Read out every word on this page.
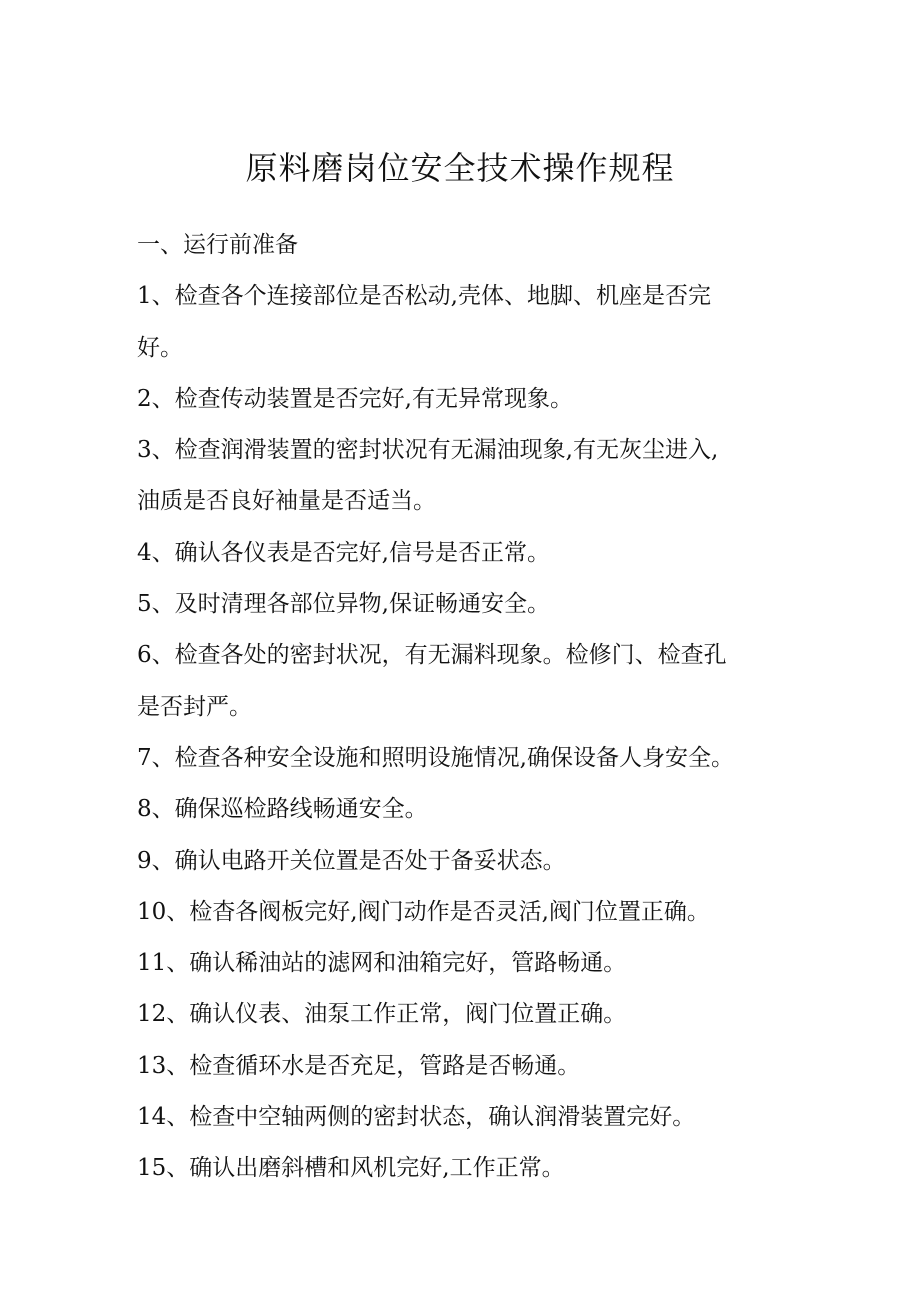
原料磨岗位安全技术操作规程
一、运行前准备
1、检查各个连接部位是否松动,壳体、地脚、机座是否完
好。
2、检查传动装置是否完好,有无异常现象。
3、检查润滑装置的密封状况有无漏油现象,有无灰尘进入,
油质是否良好袖量是否适当。
4、确认各仪表是否完好,信号是否正常。
5、及时清理各部位异物,保证畅通安全。
6、检查各处的密封状况，有无漏料现象。检修门、检查孔
是否封严。
7、检查各种安全设施和照明设施情况,确保设备人身安全。
8、确保巡检路线畅通安全。
9、确认电路开关位置是否处于备妥状态。
10、检杳各阀板完好,阀门动作是否灵活,阀门位置正确。
11、确认稀油站的滤网和油箱完好，管路畅通。
12、确认仪表、油泵工作正常，阀门位置正确。
13、检查循环水是否充足，管路是否畅通。
14、检查中空轴两侧的密封状态，确认润滑装置完好。
15、确认出磨斜槽和风机完好,工作正常。
